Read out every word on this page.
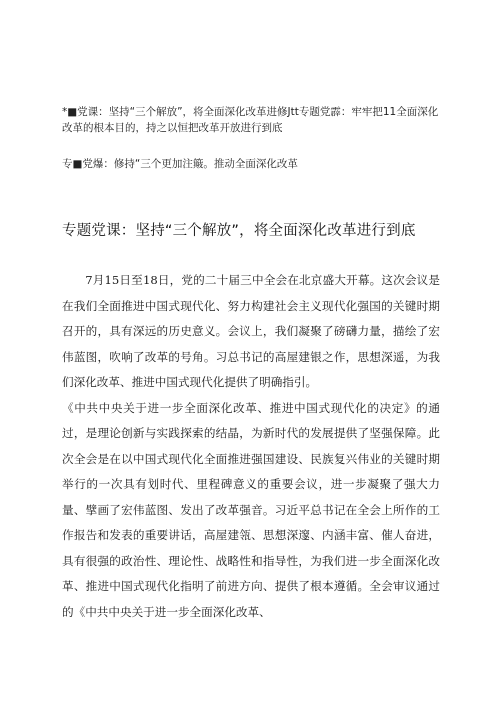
*■党课：坚持“三个解放”，将全面深化改革进修Jtt专题党霹：牢牢把11全面深化改革的根本目的，持之以恒把改革开放进行到底
专■党爆：修持“三个更加注簸。推动全面深化改革
专题党课：坚持“三个解放”，将全面深化改革进行到底

7月15日至18日，党的二十届三中全会在北京盛大开幕。这次会议是在我们全面推进中国式现代化、努力构建社会主义现代化强国的关键时期召开的，具有深远的历史意义。会议上，我们凝聚了磅礴力量，描绘了宏伟蓝图，吹响了改革的号角。习总书记的高屋建银之作，思想深遥，为我们深化改革、推进中国式现代化提供了明确指引。

《中共中央关于进一步全面深化改革、推进中国式现代化的决定》的通过，是理论创新与实践探索的结晶，为新时代的发展提供了坚强保障。此次全会是在以中国式现代化全面推进强国建设、民族复兴伟业的关键时期举行的一次具有划时代、里程碑意义的重要会议，进一步凝聚了强大力量、擘画了宏伟蓝图、发出了改革强音。习近平总书记在全会上所作的工作报告和发表的重要讲话，高屋建瓴、思想深邃、内涵丰富、催人奋进，具有很强的政治性、理论性、战略性和指导性，为我们进一步全面深化改革、推进中国式现代化指明了前进方向、提供了根本遵循。全会审议通过的《中共中央关于进一步全面深化改革、
